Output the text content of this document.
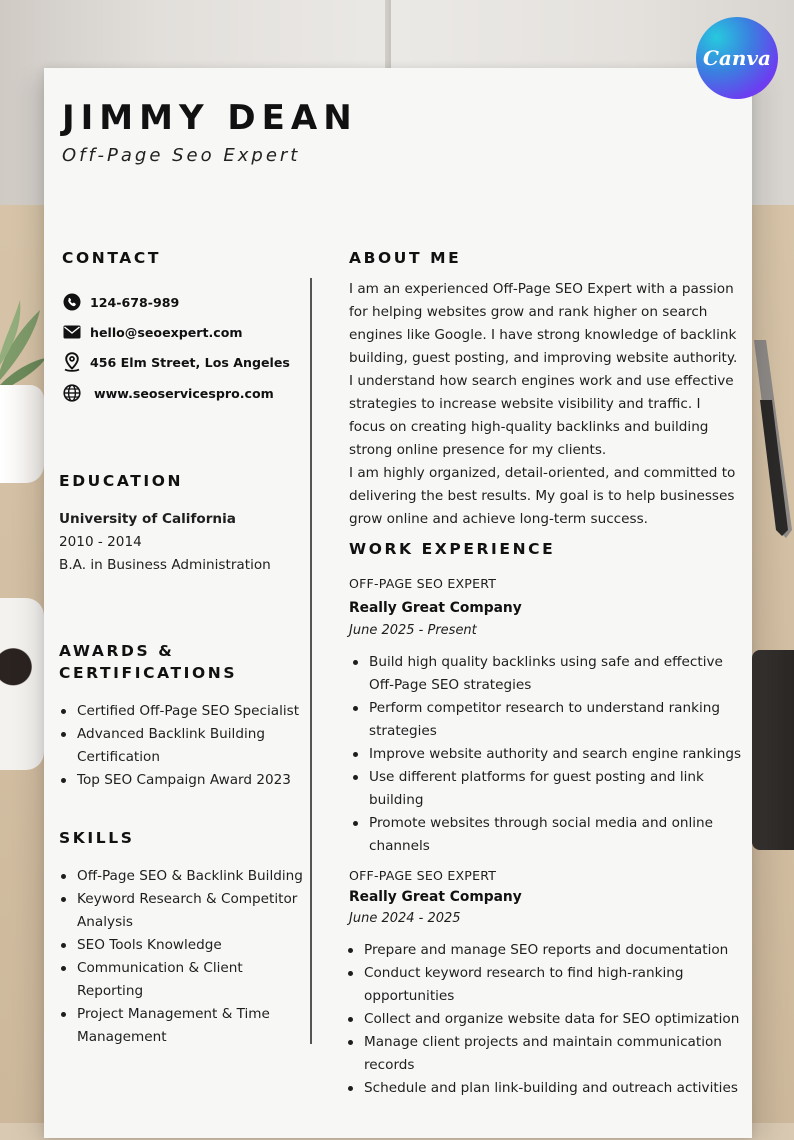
JIMMY DEAN
Off-Page Seo Expert
CONTACT
124-678-989
hello@seoexpert.com
456 Elm Street, Los Angeles
www.seoservicespro.com
EDUCATION
University of California
2010 - 2014
B.A. in Business Administration
AWARDS &
CERTIFICATIONS
Certified Off-Page SEO Specialist
Advanced Backlink Building Certification
Top SEO Campaign Award 2023
SKILLS
Off-Page SEO & Backlink Building
Keyword Research & Competitor Analysis
SEO Tools Knowledge
Communication & Client Reporting
Project Management & Time Management
ABOUT ME

I am an experienced Off-Page SEO Expert with a passion for helping websites grow and rank higher on search engines like Google. I have strong knowledge of backlink building, guest posting, and improving website authority. I understand how search engines work and use effective strategies to increase website visibility and traffic. I focus on creating high-quality backlinks and building strong online presence for my clients.

I am highly organized, detail-oriented, and committed to delivering the best results. My goal is to help businesses grow online and achieve long-term success.

WORK EXPERIENCE
OFF-PAGE SEO EXPERT
Really Great Company
June 2025 - Present
Build high quality backlinks using safe and effective Off-Page SEO strategies
Perform competitor research to understand ranking strategies
Improve website authority and search engine rankings
Use different platforms for guest posting and link building
Promote websites through social media and online channels
OFF-PAGE SEO EXPERT
Really Great Company
June 2024 - 2025
Prepare and manage SEO reports and documentation
Conduct keyword research to find high-ranking opportunities
Collect and organize website data for SEO optimization
Manage client projects and maintain communication records
Schedule and plan link-building and outreach activities
Canva
